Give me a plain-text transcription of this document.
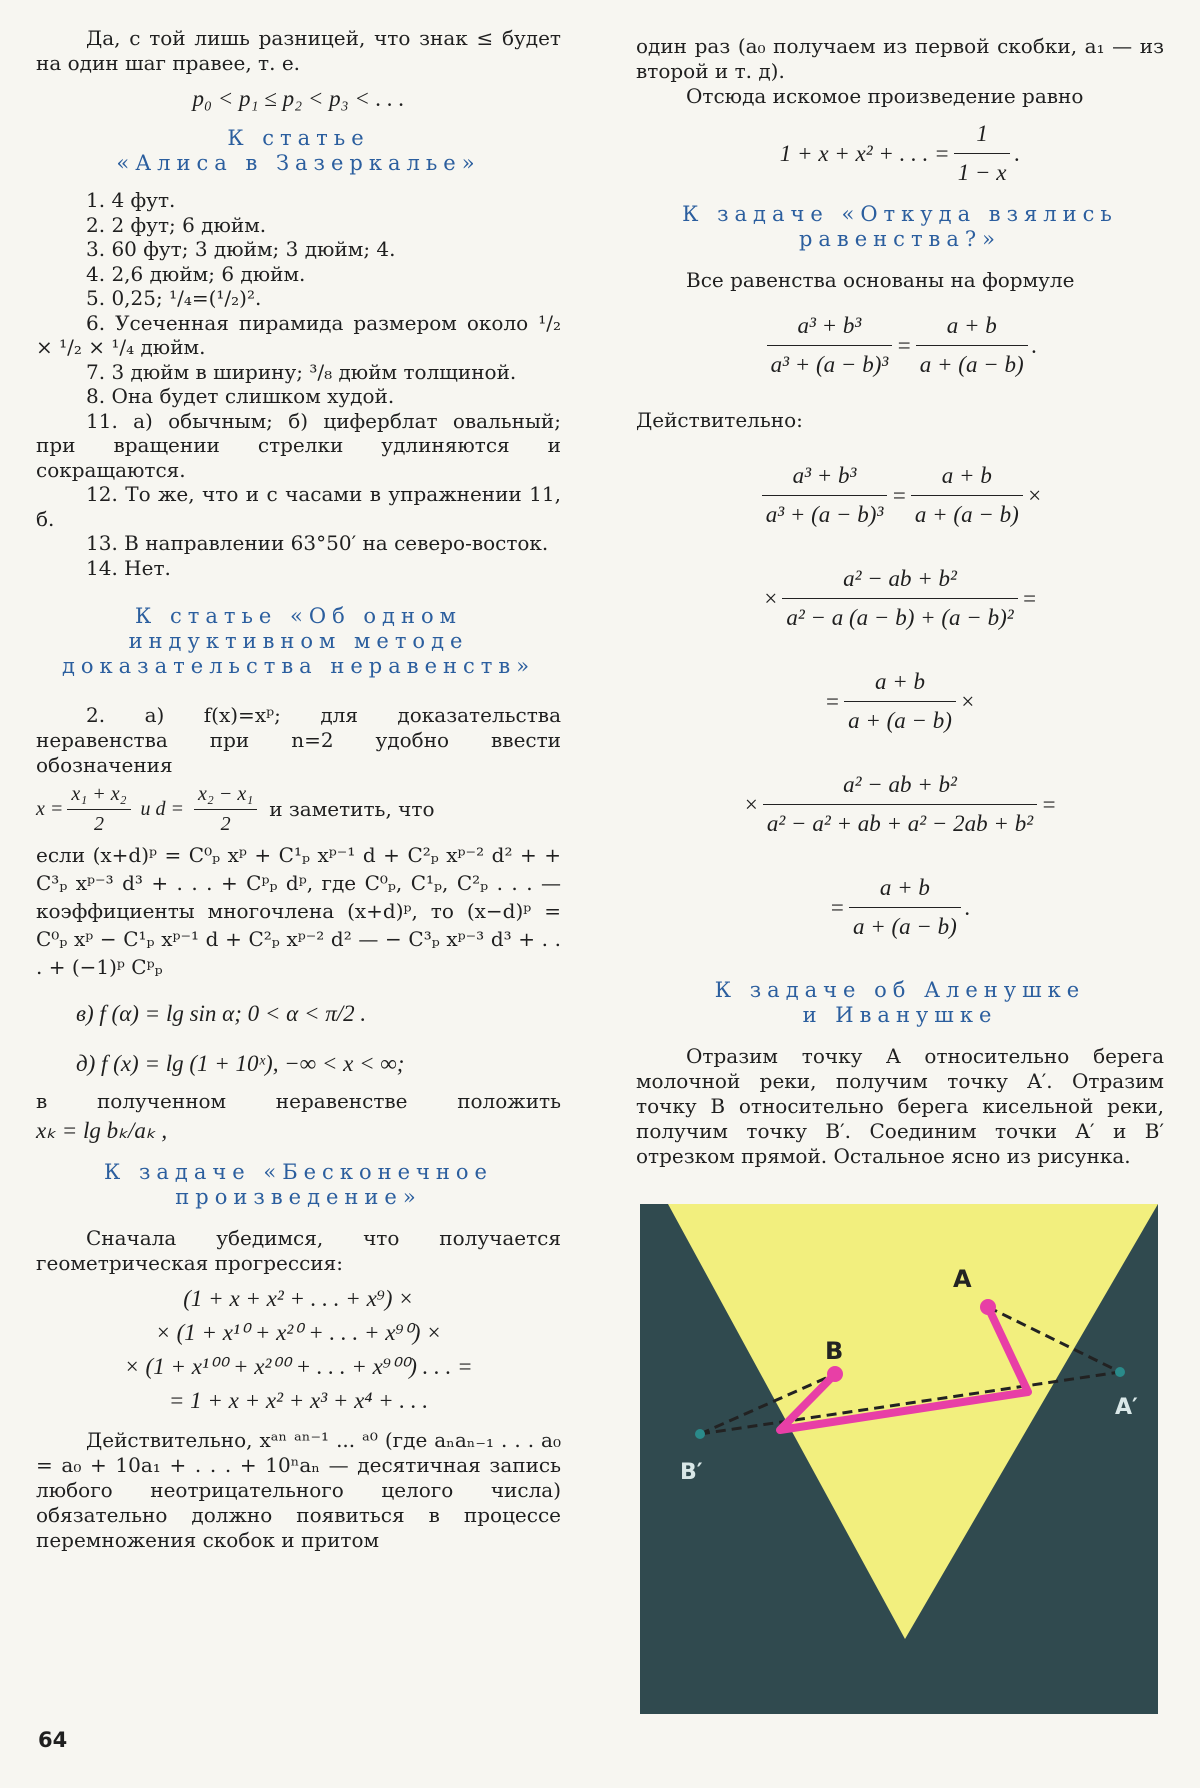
Да, с той лишь разницей, что знак ≤ будет на один шаг правее, т. е.

p₀ < p₁ ≤ p₂ < p₃ < . . .

К статье
«Алиса в Зазеркалье»

1. 4 фут.

2. 2 фут; 6 дюйм.

3. 60 фут; 3 дюйм; 3 дюйм; 4.

4. 2,6 дюйм; 6 дюйм.

5. 0,25; ¹/₄=(¹/₂)².

6. Усеченная пирамида размером около ¹/₂ × ¹/₂ × ¹/₄ дюйм.

7. 3 дюйм в ширину; ³/₈ дюйм толщиной.

8. Она будет слишком худой.

11. а) обычным; б) циферблат овальный; при вращении стрелки удлиняются и сокращаются.

12. То же, что и с часами в упражнении 11, б.

13. В направлении 63°50′ на северо-восток.

14. Нет.

К статье «Об одном
индуктивном методе
доказательства неравенств»

2. а) f(x)=xᵖ; для доказательства неравенства при n=2 удобно ввести обозначения

$x = \frac{\text{x₁ + x₂}}{2}$ и $d = \frac{\text{x₂ − x₁}}{2}$ и заметить, что

если (x+d)ᵖ = C⁰ₚ xᵖ + C¹ₚ xᵖ⁻¹ d + C²ₚ xᵖ⁻² d² + + C³ₚ xᵖ⁻³ d³ + . . . + Cᵖₚ dᵖ, где C⁰ₚ, C¹ₚ, C²ₚ . . . — коэффициенты многочлена (x+d)ᵖ, то (x−d)ᵖ = C⁰ₚ xᵖ − C¹ₚ xᵖ⁻¹ d + C²ₚ xᵖ⁻² d² — − C³ₚ xᵖ⁻³ d³ + . . . + (−1)ᵖ Cᵖₚ

в) f (α) = lg sin α; 0 < α < π/2 .

д) f (x) = lg (1 + 10ˣ), −∞ < x < ∞;

в полученном неравенстве положить

xₖ = lg bₖ/aₖ ,

К задаче «Бесконечное
произведение»

Сначала убедимся, что получается геометрическая прогрессия:

(1 + x + x² + . . . + x⁹) ×

× (1 + x¹⁰ + x²⁰ + . . . + x⁹⁰) ×

× (1 + x¹⁰⁰ + x²⁰⁰ + . . . + x⁹⁰⁰) . . . =

= 1 + x + x² + x³ + x⁴ + . . .

Действительно, xᵃⁿ ᵃⁿ⁻¹ ... ᵃ⁰ (где aₙaₙ₋₁ . . . a₀ = a₀ + 10a₁ + . . . + 10ⁿaₙ — десятичная запись любого неотрицательного целого числа) обязательно должно появиться в процессе перемножения скобок и притом

64

один раз (a₀ получаем из первой скобки, a₁ — из второй и т. д).

Отсюда искомое произведение равно

1 + x + x² + . . . = $\frac{1}{1 - x}$ .

К задаче «Откуда взялись
равенства?»

Все равенства основаны на формуле

$\frac{\text{a³ + b³}}{\text{a³ + (a − b)³}} = \frac{a + b}{a + (a - b)}$ .

Действительно:

$\frac{\text{a³ + b³}}{\text{a³ + (a − b)³}} = \frac{a + b}{a + (a - b)}$ ×

× $\frac{\text{a² − ab + b²}}{\text{a² − a (a − b) + (a − b)²}}$ =

= $\frac{a + b}{a + (a - b)}$ ×

× $\frac{\text{a² − ab + b²}}{\text{a² − a² + ab + a² − 2ab + b²}}$ =

= $\frac{a + b}{a + (a - b)}$ .

К задаче об Аленушке
и Иванушке

Отразим точку A относительно берега молочной реки, получим точку A′. Отразим точку B относительно берега кисельной реки, получим точку B′. Соединим точки A′ и B′ отрезком прямой. Остальное ясно из рисунка.

A
B
A′
B′
